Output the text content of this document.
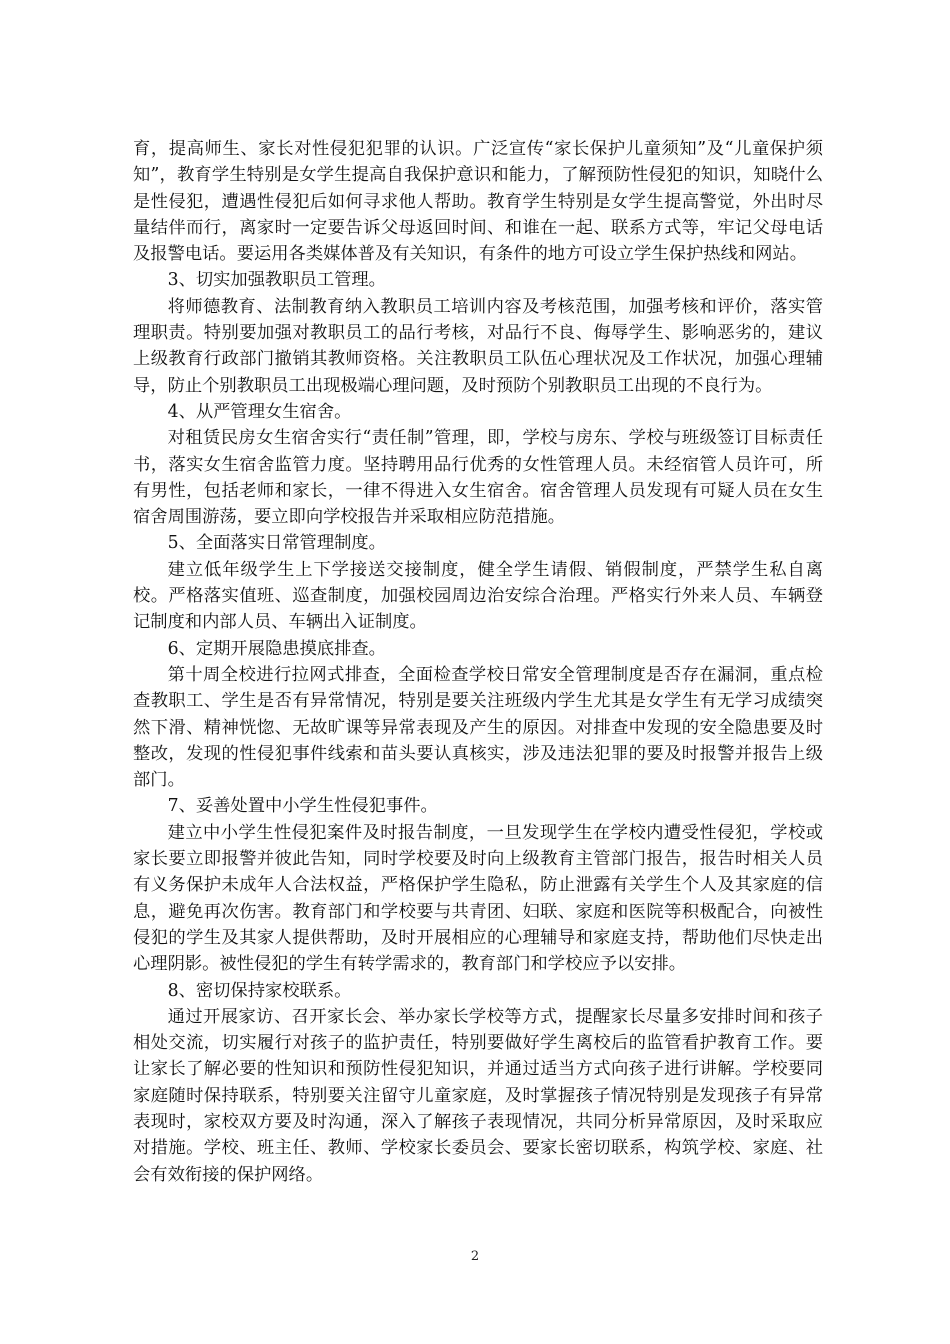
育，提高师生、家长对性侵犯犯罪的认识。广泛宣传“家长保护儿童须知”及“儿童保护须知”，教育学生特别是女学生提高自我保护意识和能力，了解预防性侵犯的知识，知晓什么是性侵犯，遭遇性侵犯后如何寻求他人帮助。教育学生特别是女学生提高警觉，外出时尽量结伴而行，离家时一定要告诉父母返回时间、和谁在一起、联系方式等，牢记父母电话及报警电话。要运用各类媒体普及有关知识，有条件的地方可设立学生保护热线和网站。

3、切实加强教职员工管理。

将师德教育、法制教育纳入教职员工培训内容及考核范围，加强考核和评价，落实管理职责。特别要加强对教职员工的品行考核，对品行不良、侮辱学生、影响恶劣的，建议上级教育行政部门撤销其教师资格。关注教职员工队伍心理状况及工作状况，加强心理辅导，防止个别教职员工出现极端心理问题，及时预防个别教职员工出现的不良行为。

4、从严管理女生宿舍。

对租赁民房女生宿舍实行“责任制”管理，即，学校与房东、学校与班级签订目标责任书，落实女生宿舍监管力度。坚持聘用品行优秀的女性管理人员。未经宿管人员许可，所有男性，包括老师和家长，一律不得进入女生宿舍。宿舍管理人员发现有可疑人员在女生宿舍周围游荡，要立即向学校报告并采取相应防范措施。

5、全面落实日常管理制度。

建立低年级学生上下学接送交接制度，健全学生请假、销假制度，严禁学生私自离校。严格落实值班、巡查制度，加强校园周边治安综合治理。严格实行外来人员、车辆登记制度和内部人员、车辆出入证制度。

6、定期开展隐患摸底排查。

第十周全校进行拉网式排查，全面检查学校日常安全管理制度是否存在漏洞，重点检查教职工、学生是否有异常情况，特别是要关注班级内学生尤其是女学生有无学习成绩突然下滑、精神恍惚、无故旷课等异常表现及产生的原因。对排查中发现的安全隐患要及时整改，发现的性侵犯事件线索和苗头要认真核实，涉及违法犯罪的要及时报警并报告上级部门。

7、妥善处置中小学生性侵犯事件。

建立中小学生性侵犯案件及时报告制度，一旦发现学生在学校内遭受性侵犯，学校或家长要立即报警并彼此告知，同时学校要及时向上级教育主管部门报告，报告时相关人员有义务保护未成年人合法权益，严格保护学生隐私，防止泄露有关学生个人及其家庭的信息，避免再次伤害。教育部门和学校要与共青团、妇联、家庭和医院等积极配合，向被性侵犯的学生及其家人提供帮助，及时开展相应的心理辅导和家庭支持，帮助他们尽快走出心理阴影。被性侵犯的学生有转学需求的，教育部门和学校应予以安排。

8、密切保持家校联系。

通过开展家访、召开家长会、举办家长学校等方式，提醒家长尽量多安排时间和孩子相处交流，切实履行对孩子的监护责任，特别要做好学生离校后的监管看护教育工作。要让家长了解必要的性知识和预防性侵犯知识，并通过适当方式向孩子进行讲解。学校要同家庭随时保持联系，特别要关注留守儿童家庭，及时掌握孩子情况特别是发现孩子有异常表现时，家校双方要及时沟通，深入了解孩子表现情况，共同分析异常原因，及时采取应对措施。学校、班主任、教师、学校家长委员会、要家长密切联系，构筑学校、家庭、社会有效衔接的保护网络。

2
